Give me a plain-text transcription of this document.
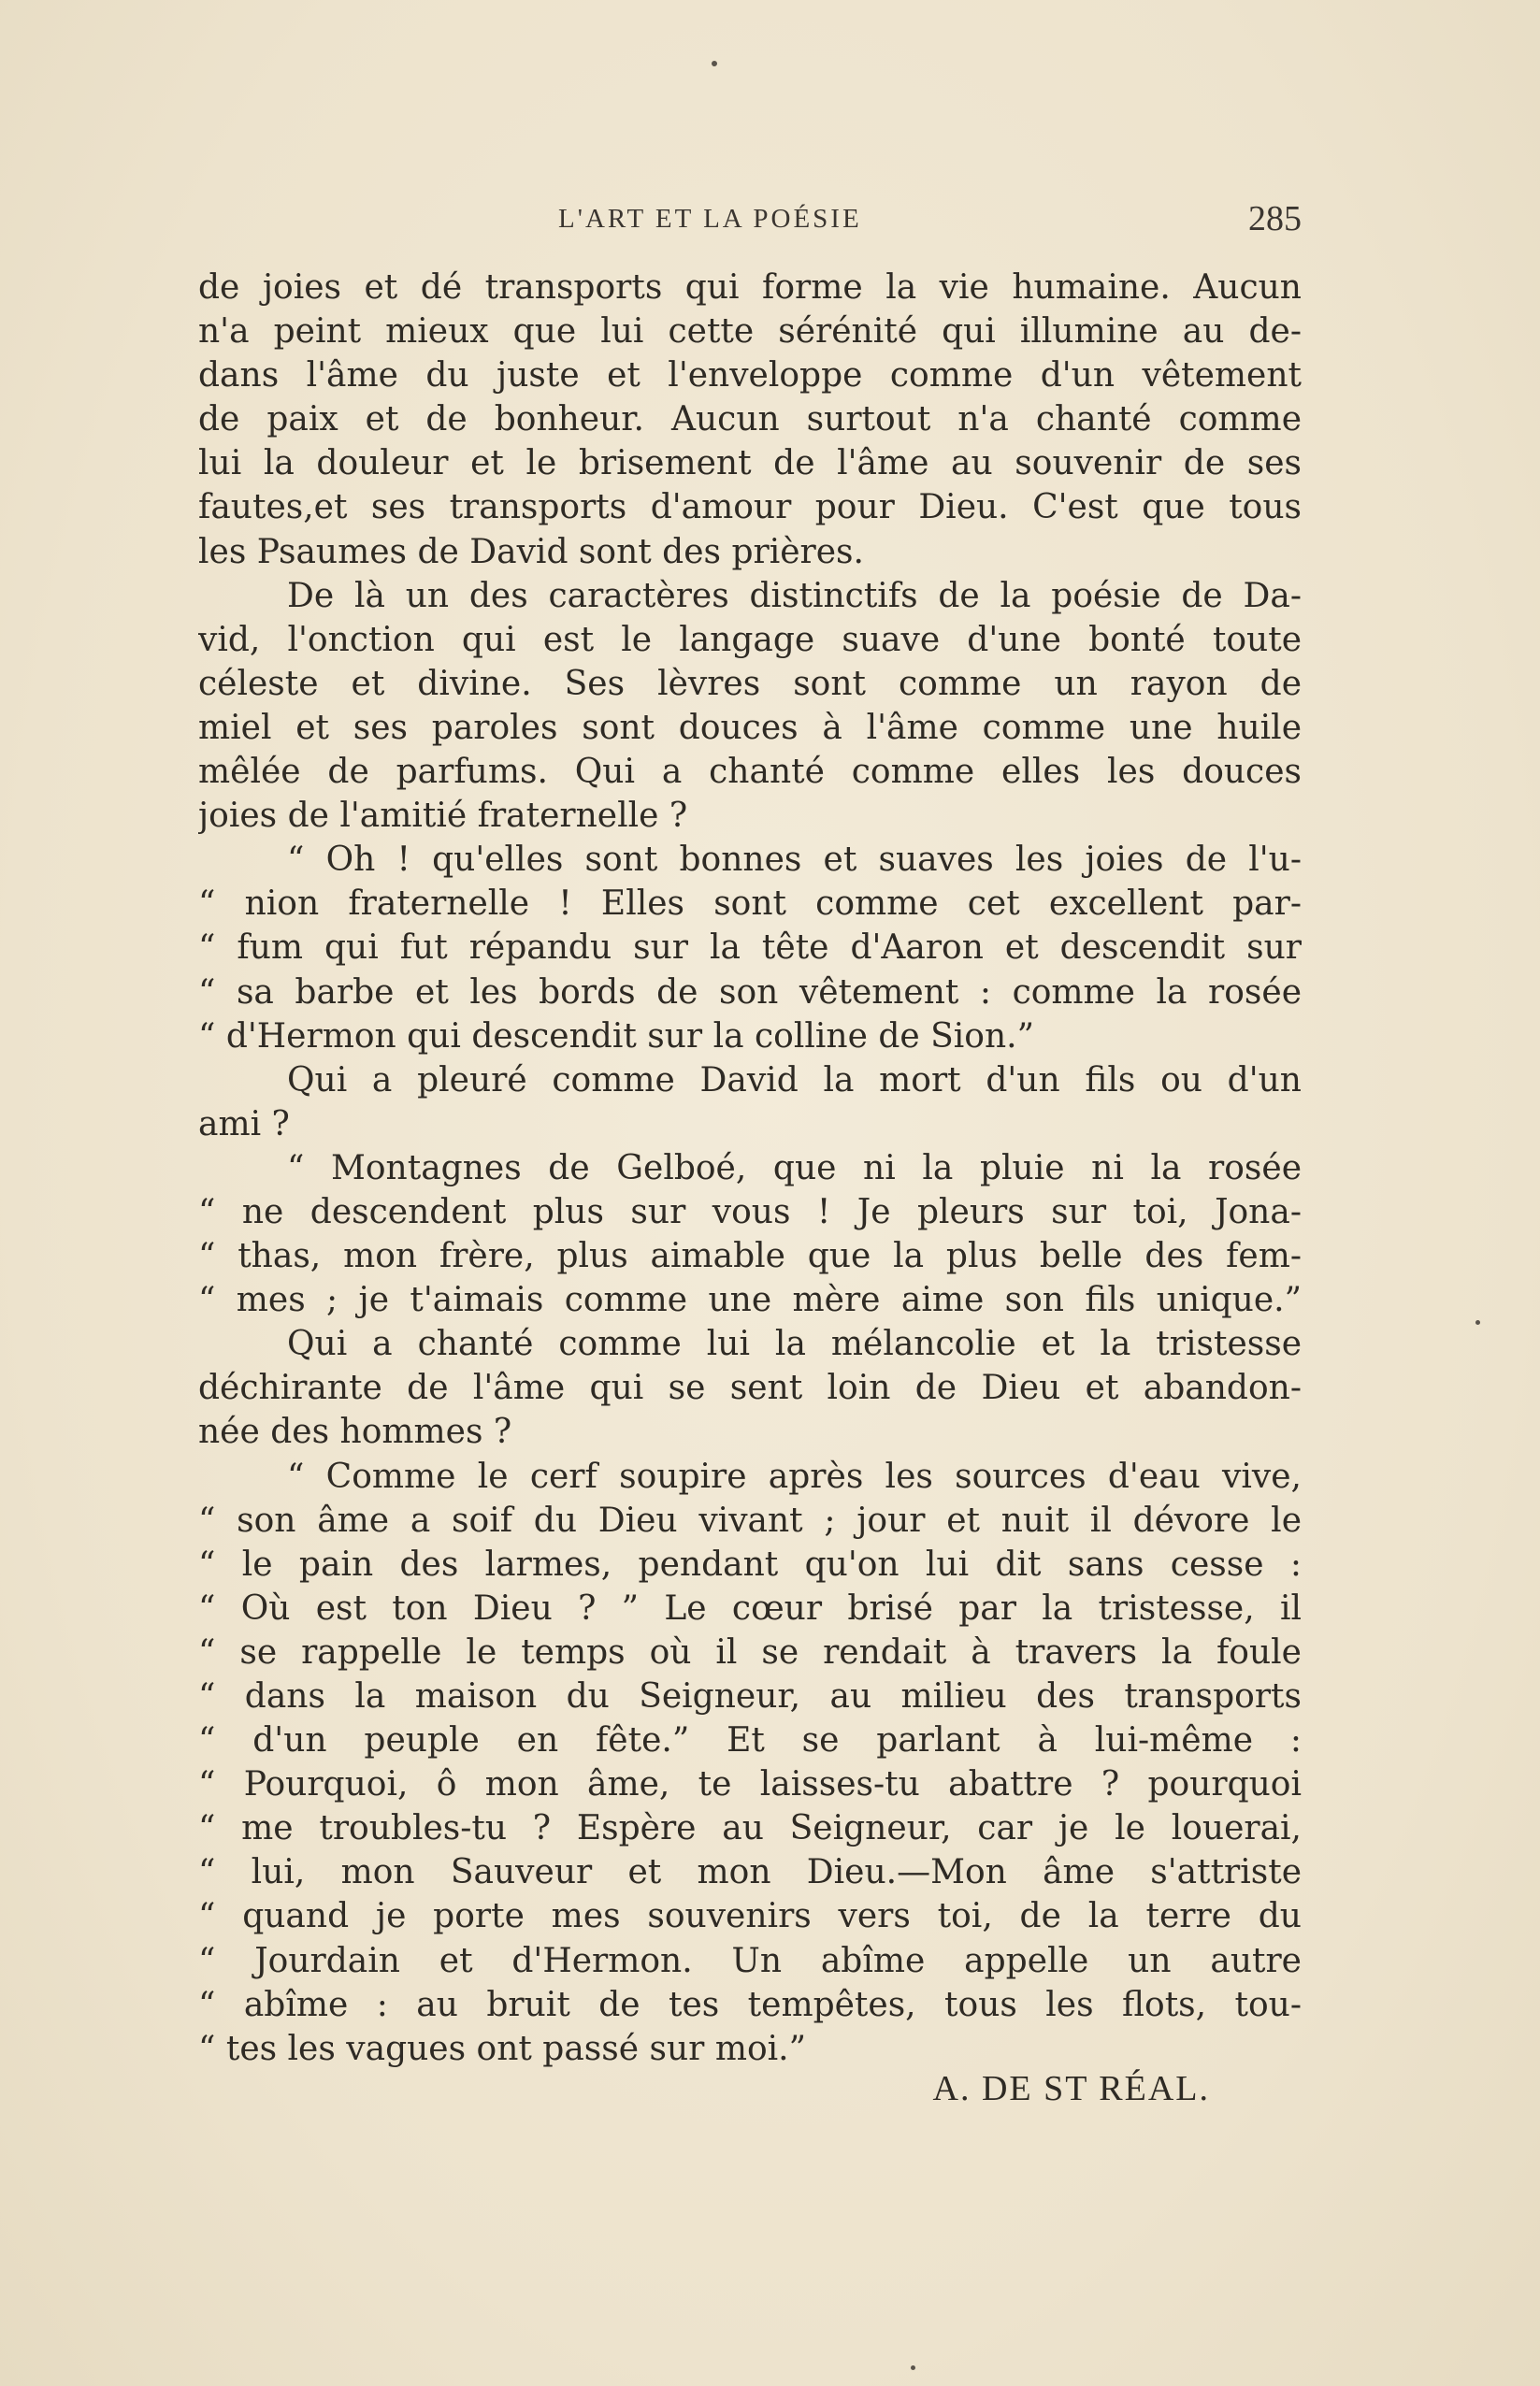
L'ART ET LA POÉSIE	285
de joies et dé transports qui forme la vie humaine. Aucun
n'a peint mieux que lui cette sérénité qui illumine au de-
dans l'âme du juste et l'enveloppe comme d'un vêtement
de paix et de bonheur. Aucun surtout n'a chanté comme
lui la douleur et le brisement de l'âme au souvenir de ses
fautes,et ses transports d'amour pour Dieu. C'est que tous
les Psaumes de David sont des prières.
De là un des caractères distinctifs de la poésie de Da-
vid, l'onction qui est le langage suave d'une bonté toute
céleste et divine. Ses lèvres sont comme un rayon de
miel et ses paroles sont douces à l'âme comme une huile
mêlée de parfums. Qui a chanté comme elles les douces
joies de l'amitié fraternelle ?
“ Oh ! qu'elles sont bonnes et suaves les joies de l'u-
“ nion fraternelle ! Elles sont comme cet excellent par-
“ fum qui fut répandu sur la tête d'Aaron et descendit sur
“ sa barbe et les bords de son vêtement : comme la rosée
“ d'Hermon qui descendit sur la colline de Sion.”
Qui a pleuré comme David la mort d'un fils ou d'un
ami ?
“ Montagnes de Gelboé, que ni la pluie ni la rosée
“ ne descendent plus sur vous ! Je pleurs sur toi, Jona-
“ thas, mon frère, plus aimable que la plus belle des fem-
“ mes ; je t'aimais comme une mère aime son fils unique.”
Qui a chanté comme lui la mélancolie et la tristesse
déchirante de l'âme qui se sent loin de Dieu et abandon-
née des hommes ?
“ Comme le cerf soupire après les sources d'eau vive,
“ son âme a soif du Dieu vivant ; jour et nuit il dévore le
“ le pain des larmes, pendant qu'on lui dit sans cesse :
“ Où est ton Dieu ? ” Le cœur brisé par la tristesse, il
“ se rappelle le temps où il se rendait à travers la foule
“ dans la maison du Seigneur, au milieu des transports
“ d'un peuple en fête.” Et se parlant à lui-même :
“ Pourquoi, ô mon âme, te laisses-tu abattre ? pourquoi
“ me troubles-tu ? Espère au Seigneur, car je le louerai,
“ lui, mon Sauveur et mon Dieu.—Mon âme s'attriste
“ quand je porte mes souvenirs vers toi, de la terre du
“ Jourdain et d'Hermon. Un abîme appelle un autre
“ abîme : au bruit de tes tempêtes, tous les flots, tou-
“ tes les vagues ont passé sur moi.”
A. DE ST RÉAL.
